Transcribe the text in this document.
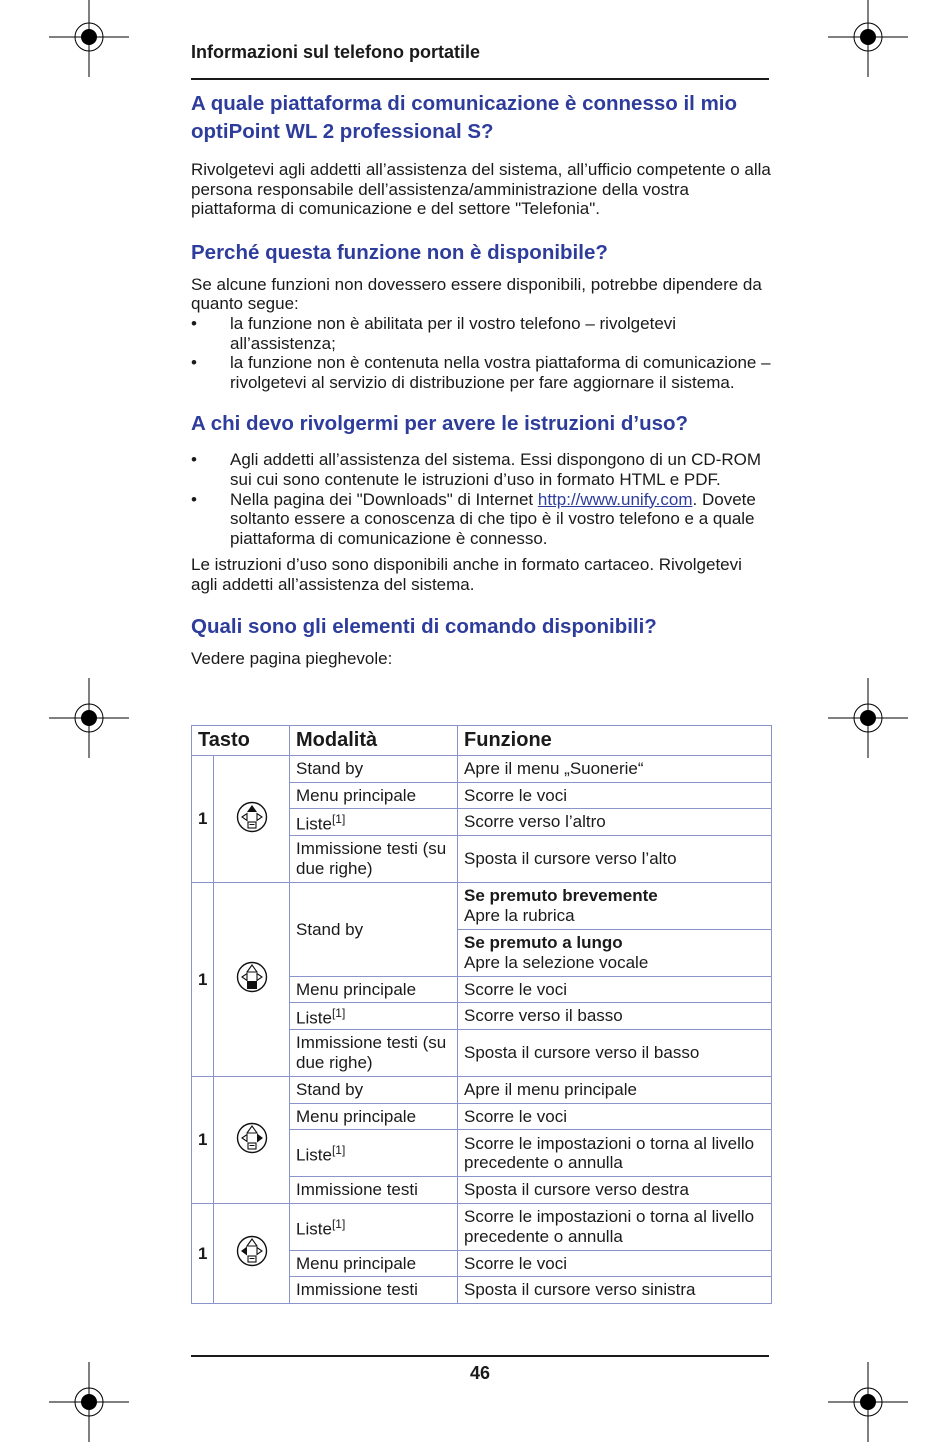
Informazioni sul telefono portatile
A quale piattaforma di comunicazione è connesso il mio optiPoint WL 2 professional S?

Rivolgetevi agli addetti all’assistenza del sistema, all’ufficio competente o alla persona responsabile dell’assistenza/amministrazione della vostra piattaforma di comunicazione e del settore "Telefonia".

Perché questa funzione non è disponibile?

Se alcune funzioni non dovessero essere disponibili, potrebbe dipendere da quanto segue:

• la funzione non è abilitata per il vostro telefono – rivolgetevi all’assistenza;
• la funzione non è contenuta nella vostra piattaforma di comunicazione – rivolgetevi al servizio di distribuzione per fare aggiornare il sistema.
A chi devo rivolgermi per avere le istruzioni d’uso?
• Agli addetti all’assistenza del sistema. Essi dispongono di un CD-ROM sui cui sono contenute le istruzioni d’uso in formato HTML e PDF.
• Nella pagina dei "Downloads" di Internet http://www.unify.com. Dovete soltanto essere a conoscenza di che tipo è il vostro telefono e a quale piattaforma di comunicazione è connesso.

Le istruzioni d’uso sono disponibili anche in formato cartaceo. Rivolgetevi agli addetti all’assistenza del sistema.

Quali sono gli elementi di comando disponibili?

Vedere pagina pieghevole:

Tasto		Modalità	Funzione
1		Stand by	Apre il menu „Suonerie“
		Menu principale	Scorre le voci
		Liste[1]	Scorre verso l’altro
		Immissione testi (su due righe)	Sposta il cursore verso l’alto
1		Stand by	Se premuto brevemente
Apre la rubrica

			Se premuto a lungo
Apre la selezione vocale
		Menu principale	Scorre le voci
		Liste[1]	Scorre verso il basso
		Immissione testi (su due righe)	Sposta il cursore verso il basso
1		Stand by	Apre il menu principale
		Menu principale	Scorre le voci
		Liste[1]	Scorre le impostazioni o torna al livello precedente o annulla
		Immissione testi	Sposta il cursore verso destra
1		Liste[1]	Scorre le impostazioni o torna al livello precedente o annulla
		Menu principale	Scorre le voci
		Immissione testi	Sposta il cursore verso sinistra
46
